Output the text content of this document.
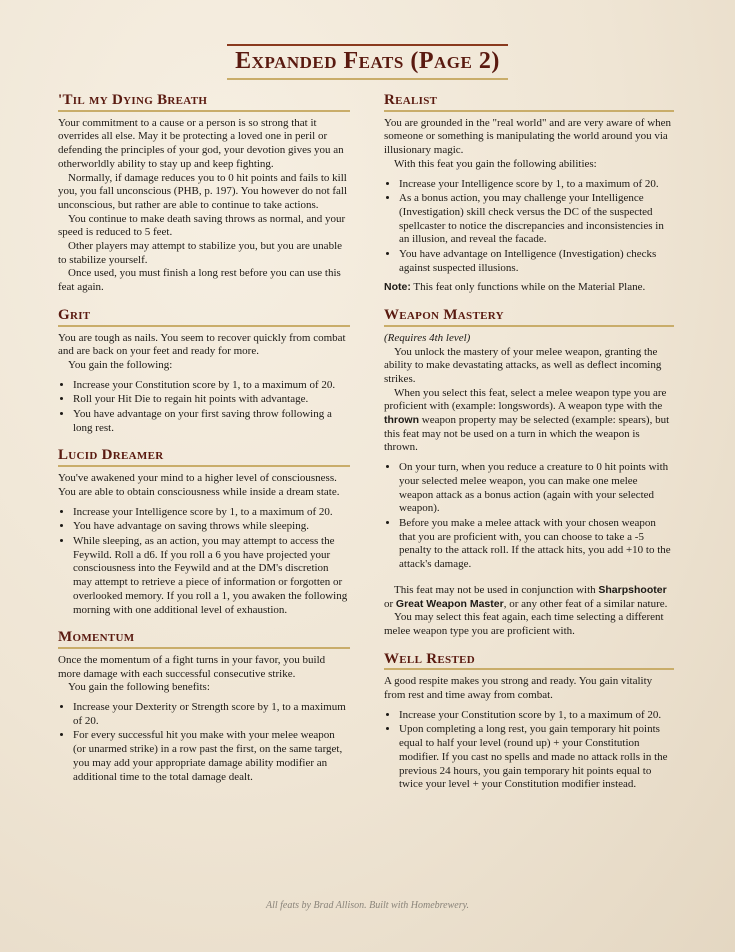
Expanded Feats (Page 2)
'Til my Dying Breath

Your commitment to a cause or a person is so strong that it overrides all else. May it be protecting a loved one in peril or defending the principles of your god, your devotion gives you an otherworldly ability to stay up and keep fighting.

Normally, if damage reduces you to 0 hit points and fails to kill you, you fall unconscious (PHB, p. 197). You however do not fall unconscious, but rather are able to continue to take actions.

You continue to make death saving throws as normal, and your speed is reduced to 5 feet.

Other players may attempt to stabilize you, but you are unable to stabilize yourself.

Once used, you must finish a long rest before you can use this feat again.

Grit

You are tough as nails. You seem to recover quickly from combat and are back on your feet and ready for more.

You gain the following:

• Increase your Constitution score by 1, to a maximum of 20.
• Roll your Hit Die to regain hit points with advantage.
• You have advantage on your first saving throw following a long rest.
Lucid Dreamer

You've awakened your mind to a higher level of consciousness. You are able to obtain consciousness while inside a dream state.

• Increase your Intelligence score by 1, to a maximum of 20.
• You have advantage on saving throws while sleeping.
• While sleeping, as an action, you may attempt to access the Feywild. Roll a d6. If you roll a 6 you have projected your consciousness into the Feywild and at the DM's discretion may attempt to retrieve a piece of information or forgotten or overlooked memory. If you roll a 1, you awaken the following morning with one additional level of exhaustion.
Momentum

Once the momentum of a fight turns in your favor, you build more damage with each successful consecutive strike.

You gain the following benefits:

• Increase your Dexterity or Strength score by 1, to a maximum of 20.
• For every successful hit you make with your melee weapon (or unarmed strike) in a row past the first, on the same target, you may add your appropriate damage ability modifier an additional time to the total damage dealt.
Realist

You are grounded in the "real world" and are very aware of when someone or something is manipulating the world around you via illusionary magic.

With this feat you gain the following abilities:

• Increase your Intelligence score by 1, to a maximum of 20.
• As a bonus action, you may challenge your Intelligence (Investigation) skill check versus the DC of the suspected spellcaster to notice the discrepancies and inconsistencies in an illusion, and reveal the facade.
• You have advantage on Intelligence (Investigation) checks against suspected illusions.

Note: This feat only functions while on the Material Plane.

Weapon Mastery

(Requires 4th level)

You unlock the mastery of your melee weapon, granting the ability to make devastating attacks, as well as deflect incoming strikes.

When you select this feat, select a melee weapon type you are proficient with (example: longswords). A weapon type with the thrown weapon property may be selected (example: spears), but this feat may not be used on a turn in which the weapon is thrown.

• On your turn, when you reduce a creature to 0 hit points with your selected melee weapon, you can make one melee weapon attack as a bonus action (again with your selected weapon).
• Before you make a melee attack with your chosen weapon that you are proficient with, you can choose to take a -5 penalty to the attack roll. If the attack hits, you add +10 to the attack's damage.

This feat may not be used in conjunction with Sharpshooter or Great Weapon Master, or any other feat of a similar nature.

You may select this feat again, each time selecting a different melee weapon type you are proficient with.

Well Rested

A good respite makes you strong and ready. You gain vitality from rest and time away from combat.

• Increase your Constitution score by 1, to a maximum of 20.
• Upon completing a long rest, you gain temporary hit points equal to half your level (round up) + your Constitution modifier. If you cast no spells and made no attack rolls in the previous 24 hours, you gain temporary hit points equal to twice your level + your Constitution modifier instead.
All feats by Brad Allison. Built with Homebrewery.
